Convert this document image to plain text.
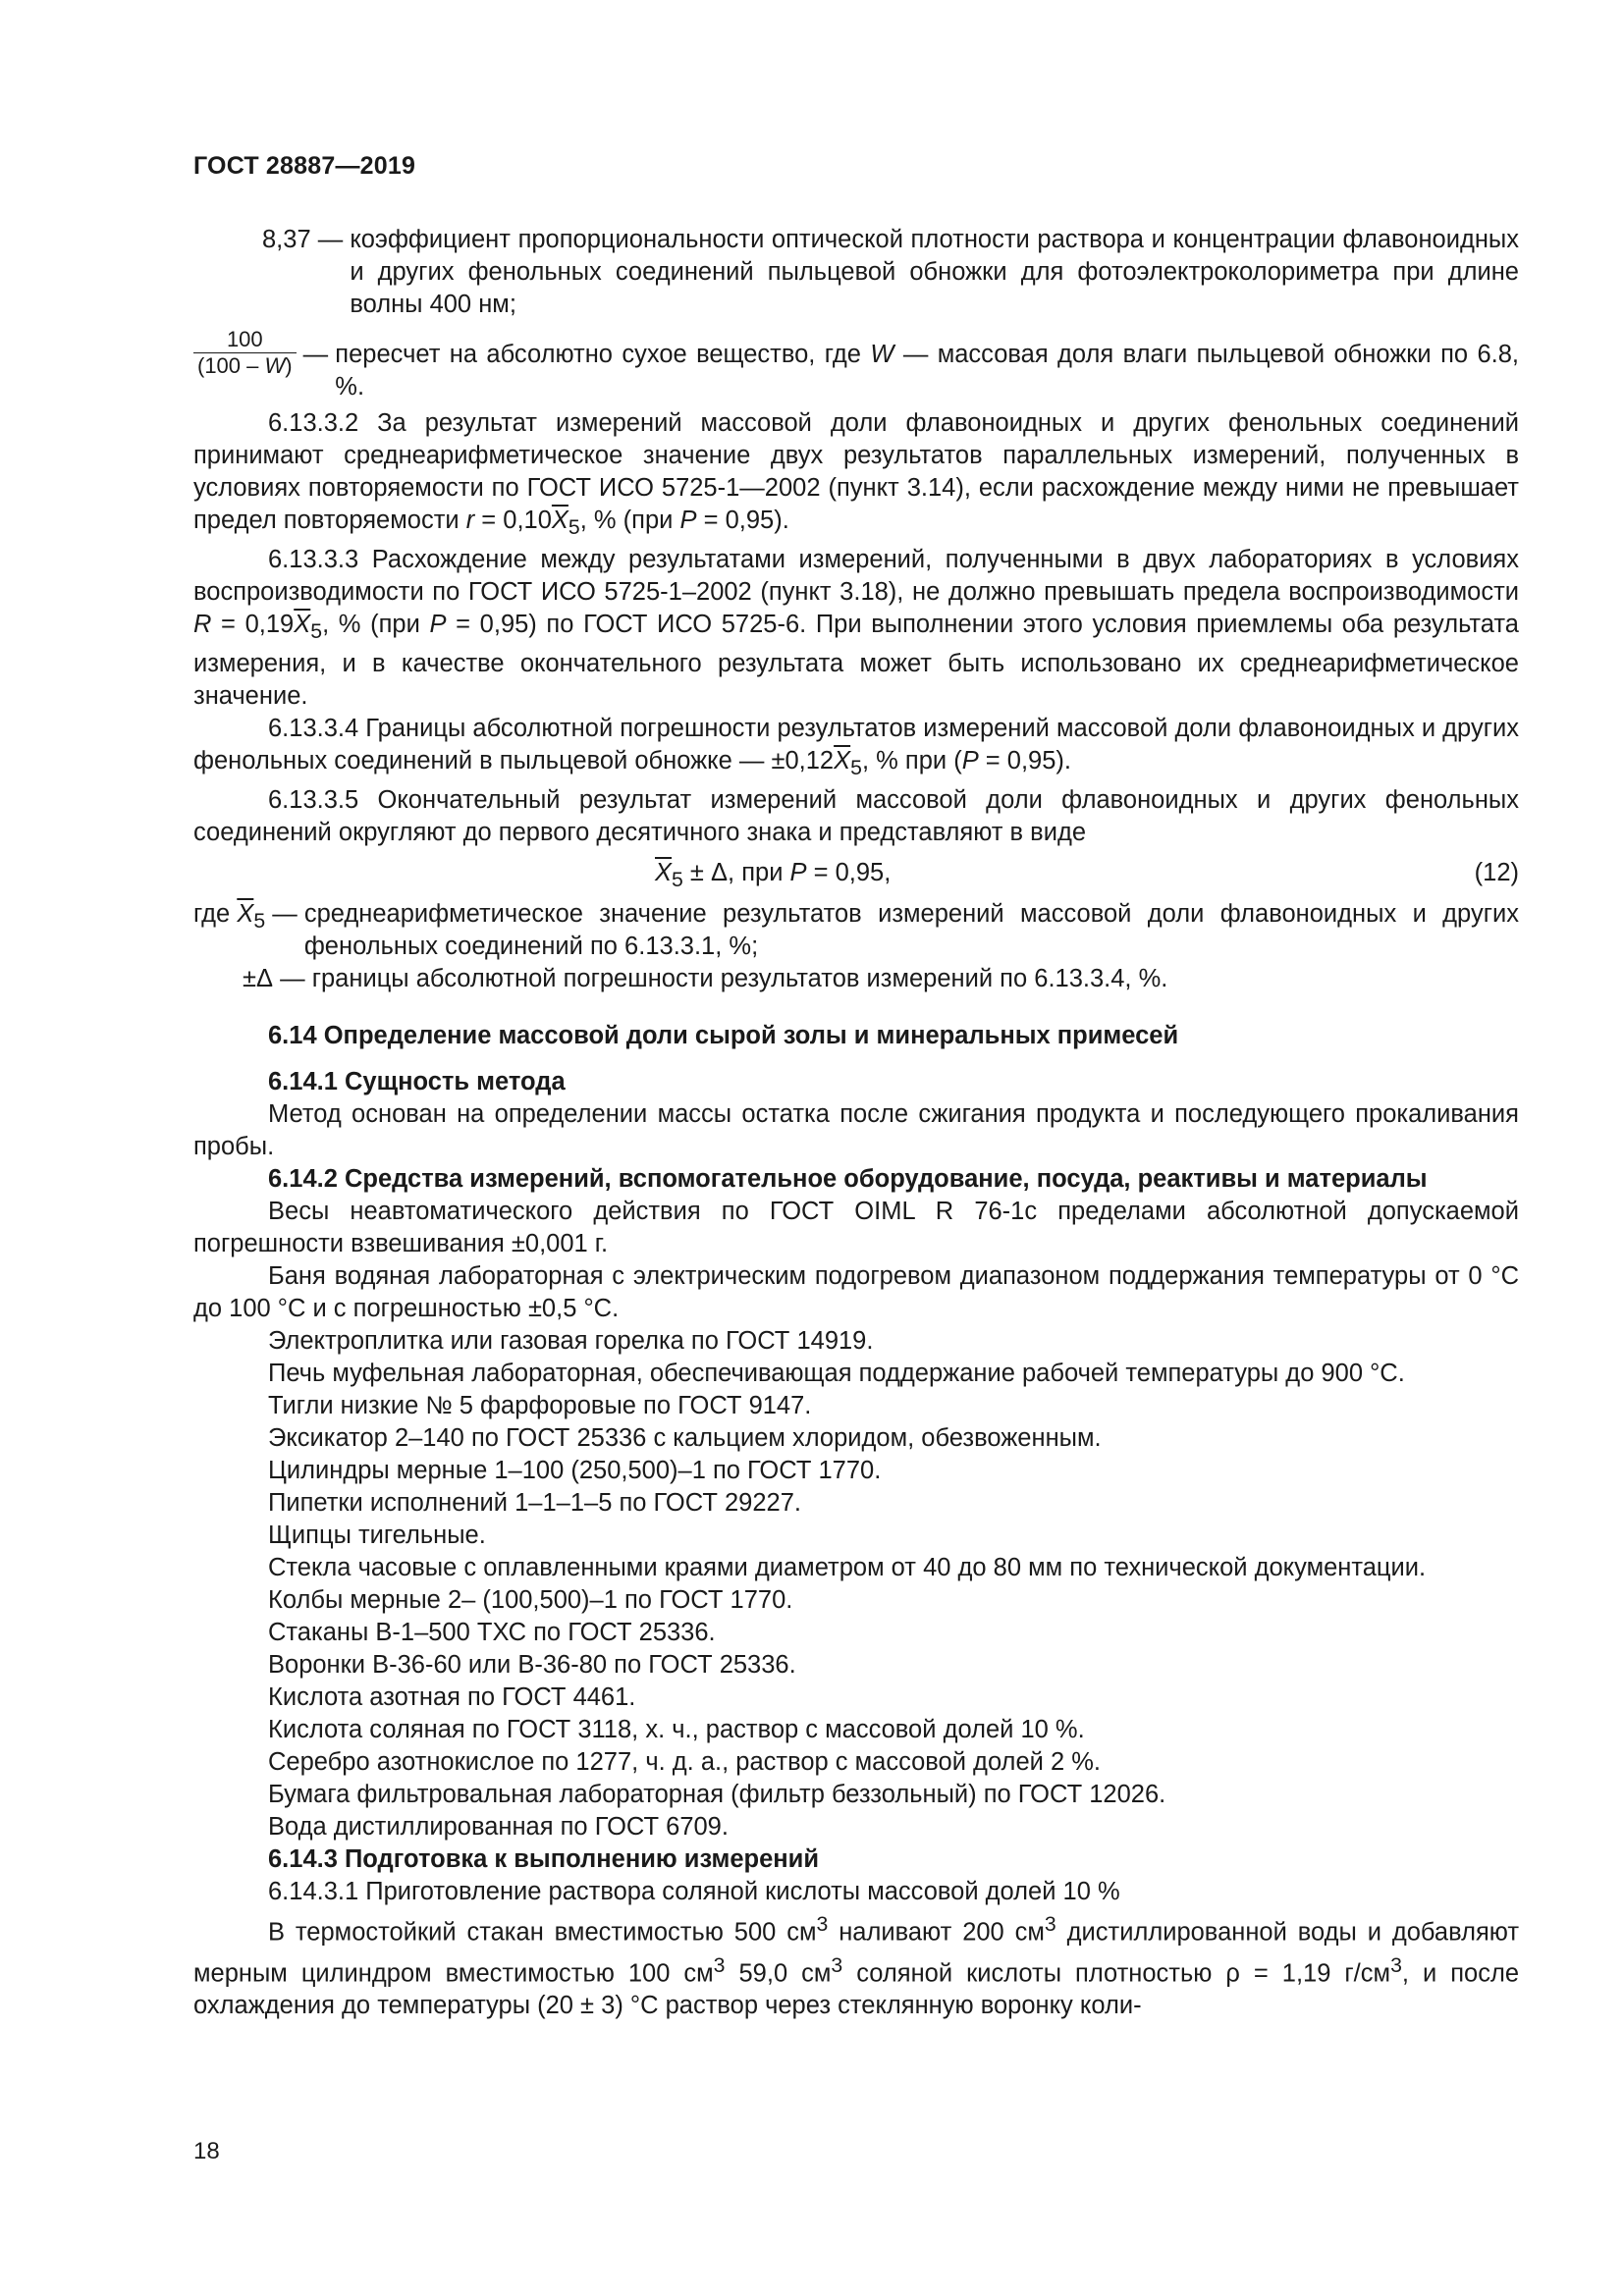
ГОСТ 28887—2019
8,37 — коэффициент пропорциональности оптической плотности раствора и концентрации флавоноидных и других фенольных соединений пыльцевой обножки для фотоэлектроколориметра при длине волны 400 нм;
$\frac{100}{(100 - W)}$ — пересчет на абсолютно сухое вещество, где W — массовая доля влаги пыльцевой обножки по 6.8, %.

6.13.3.2 За результат измерений массовой доли флавоноидных и других фенольных соединений принимают среднеарифметическое значение двух результатов параллельных измерений, полученных в условиях повторяемости по ГОСТ ИСО 5725-1—2002 (пункт 3.14), если расхождение между ними не превышает предел повторяемости $r = 0,10\overline{X}_5$, % (при P = 0,95).

6.13.3.3 Расхождение между результатами измерений, полученными в двух лабораториях в условиях воспроизводимости по ГОСТ ИСО 5725-1–2002 (пункт 3.18), не должно превышать предела воспроизводимости $R = 0,19\overline{X}_5$, % (при P = 0,95) по ГОСТ ИСО 5725-6. При выполнении этого условия приемлемы оба результата измерения, и в качестве окончательного результата может быть использовано их среднеарифметическое значение.

6.13.3.4 Границы абсолютной погрешности результатов измерений массовой доли флавоноидных и других фенольных соединений в пыльцевой обножке — $\pm 0,12\overline{X}_5$, % при (P = 0,95).

6.13.3.5 Окончательный результат измерений массовой доли флавоноидных и других фенольных соединений округляют до первого десятичного знака и представляют в виде

$\overline{X}_5 \pm \Delta$, при P = 0,95,	(12)
где $\overline{X}_5$ — среднеарифметическое значение результатов измерений массовой доли флавоноидных и других фенольных соединений по 6.13.3.1, %;
±Δ — границы абсолютной погрешности результатов измерений по 6.13.3.4, %.

6.14 Определение массовой доли сырой золы и минеральных примесей

6.14.1 Сущность метода

Метод основан на определении массы остатка после сжигания продукта и последующего прокаливания пробы.

6.14.2 Средства измерений, вспомогательное оборудование, посуда, реактивы и материалы

Весы неавтоматического действия по ГОСТ OIML R 76-1с пределами абсолютной допускаемой погрешности взвешивания ±0,001 г.

Баня водяная лабораторная с электрическим подогревом диапазоном поддержания температуры от 0 °С до 100 °С и с погрешностью ±0,5 °С.

Электроплитка или газовая горелка по ГОСТ 14919.

Печь муфельная лабораторная, обеспечивающая поддержание рабочей температуры до 900 °С.

Тигли низкие № 5 фарфоровые по ГОСТ 9147.

Эксикатор 2–140 по ГОСТ 25336 с кальцием хлоридом, обезвоженным.

Цилиндры мерные 1–100 (250,500)–1 по ГОСТ 1770.

Пипетки исполнений 1–1–1–5 по ГОСТ 29227.

Щипцы тигельные.

Стекла часовые с оплавленными краями диаметром от 40 до 80 мм по технической документации.

Колбы мерные 2– (100,500)–1 по ГОСТ 1770.

Стаканы В-1–500 ТХС по ГОСТ 25336.

Воронки В-36-60 или В-36-80 по ГОСТ 25336.

Кислота азотная по ГОСТ 4461.

Кислота соляная по ГОСТ 3118, х. ч., раствор с массовой долей 10 %.

Серебро азотнокислое по 1277, ч. д. а., раствор с массовой долей 2 %.

Бумага фильтровальная лабораторная (фильтр беззольный) по ГОСТ 12026.

Вода дистиллированная по ГОСТ 6709.

6.14.3 Подготовка к выполнению измерений

6.14.3.1 Приготовление раствора соляной кислоты массовой долей 10 %

В термостойкий стакан вместимостью 500 $см^3$ наливают 200 $см^3$ дистиллированной воды и добавляют мерным цилиндром вместимостью 100 $см^3$ 59,0 $см^3$ соляной кислоты плотностью ρ = 1,19 $г/см^3$, и после охлаждения до температуры (20 ± 3) °С раствор через стеклянную воронку коли-

18
